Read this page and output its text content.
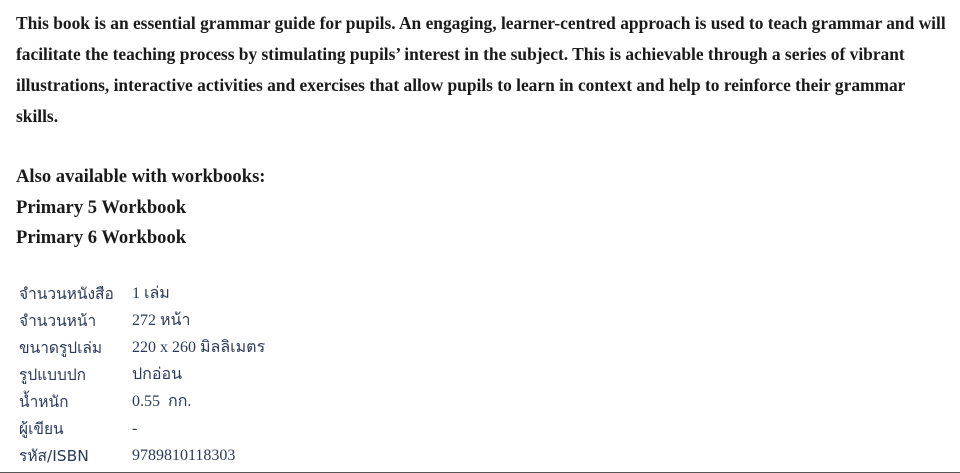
This book is an essential grammar guide for pupils. An engaging, learner-centred approach is used to teach grammar and will facilitate the teaching process by stimulating pupils’ interest in the subject. This is achievable through a series of vibrant illustrations, interactive activities and exercises that allow pupils to learn in context and help to reinforce their grammar skills.

Also available with workbooks:
Primary 5 Workbook
Primary 6 Workbook
จำนวนหนังสือ	1 เล่ม
จำนวนหน้า	272 หน้า
ขนาดรูปเล่ม	220 x 260 มิลลิเมตร
รูปแบบปก	ปกอ่อน
น้ำหนัก	0.55  กก.
ผู้เขียน	-
รหัส/ISBN	9789810118303
